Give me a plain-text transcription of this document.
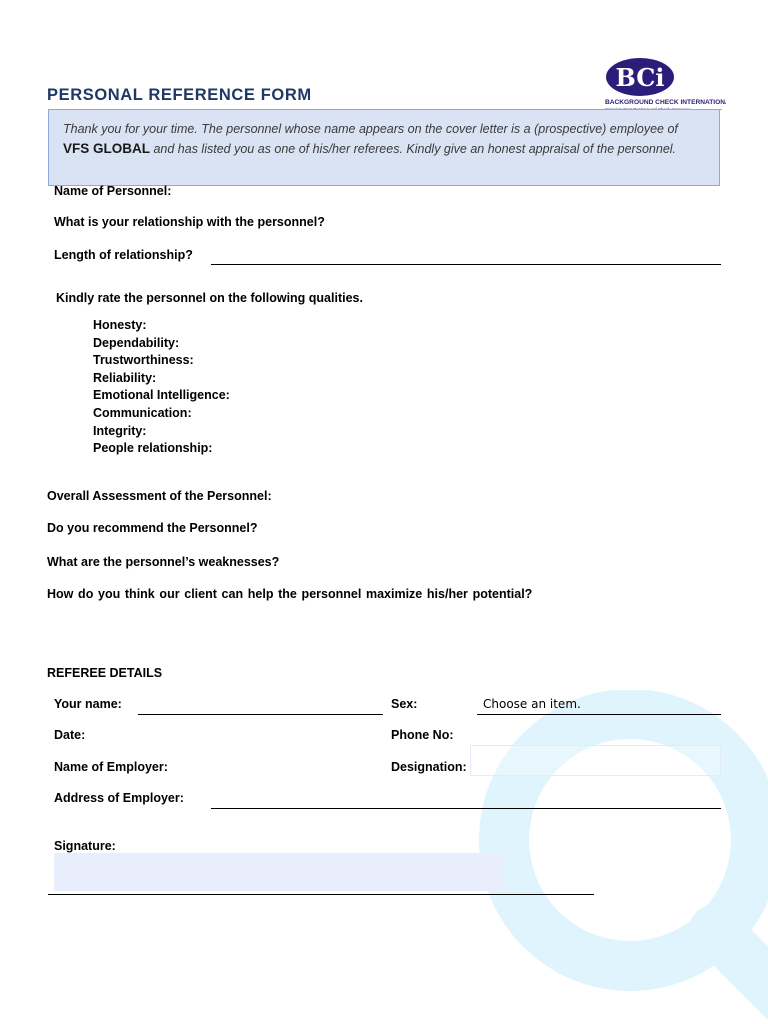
PERSONAL REFERENCE FORM
BCi
BACKGROUND CHECK INTERNATIONAL
Thank you for your time. The personnel whose name appears on the cover letter is a (prospective) employee of
VFS GLOBAL and has listed you as one of his/her referees. Kindly give an honest appraisal of the personnel.
Name of Personnel:
What is your relationship with the personnel?
Length of relationship?
Kindly rate the personnel on the following qualities.
Honesty:
Dependability:
Trustworthiness:
Reliability:
Emotional Intelligence:
Communication:
Integrity:
People relationship:
Overall Assessment of the Personnel:
Do you recommend the Personnel?
What are the personnel’s weaknesses?
How do you think our client can help the personnel maximize his/her potential?
REFEREE DETAILS
Your name:	Sex:	Choose an item.
Date:	Phone No:
Name of Employer:	Designation:
Address of Employer:
Signature:
